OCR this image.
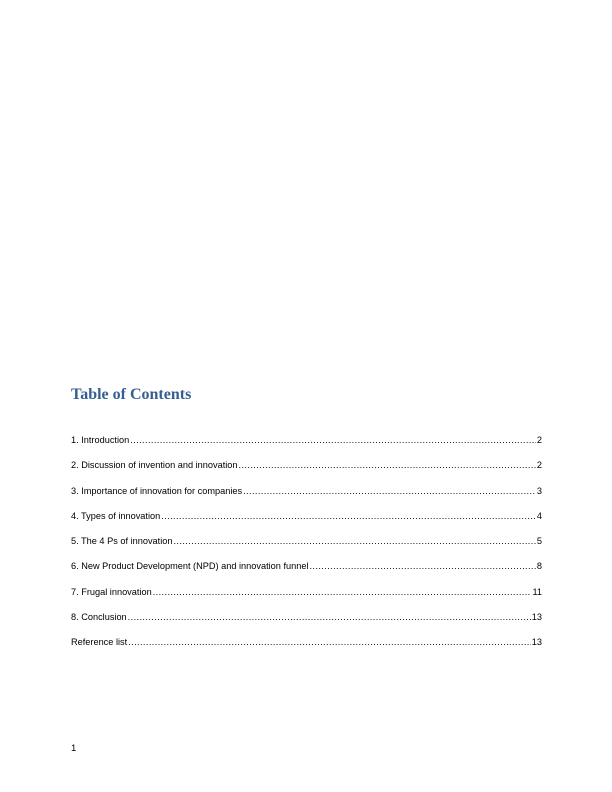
Table of Contents
1. Introduction .....	2
2. Discussion of invention and innovation .....	2
3. Importance of innovation for companies .....	3
4. Types of innovation .....	4
5. The 4 Ps of innovation .....	5
6. New Product Development (NPD) and innovation funnel .....	8
7. Frugal innovation .....	11
8. Conclusion .....	13
Reference list .....	13
1
